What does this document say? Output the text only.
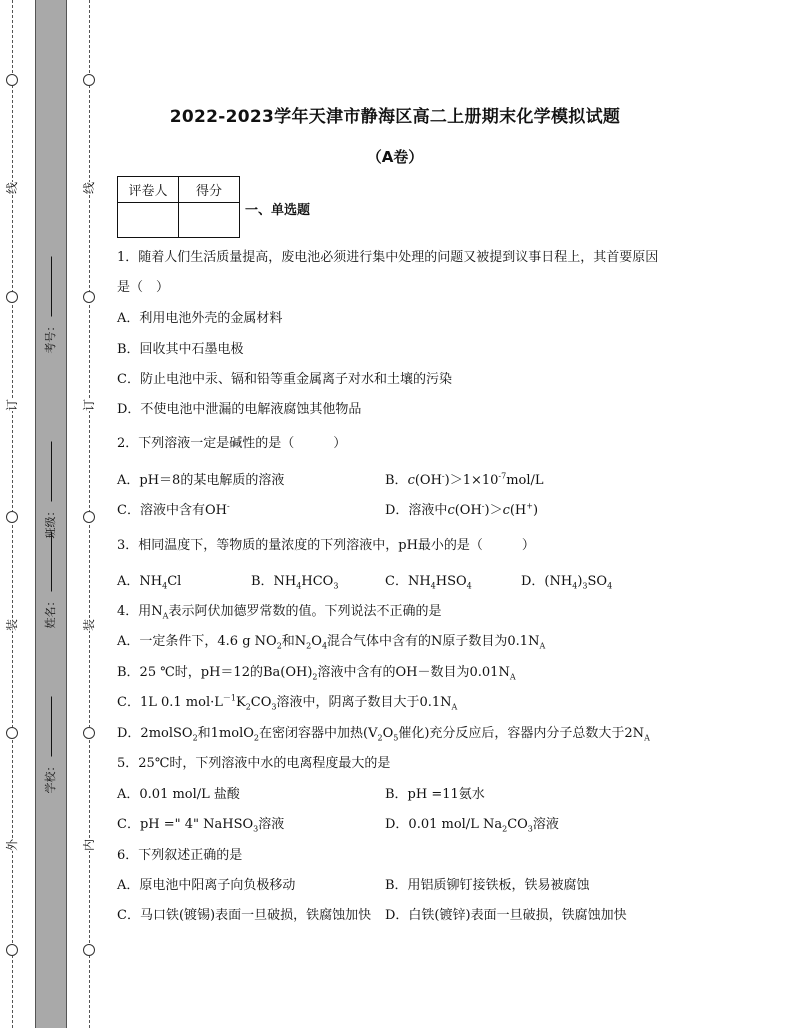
考号：
班级：
姓名：
学校：
线
订
装
外
线
订
装
内
2022-2023学年天津市静海区高二上册期末化学模拟试题
（A卷）
评卷人	得分

一、单选题
1．随着人们生活质量提高，废电池必须进行集中处理的问题又被提到议事日程上，其首要原因
是（　）
A．利用电池外壳的金属材料
B．回收其中石墨电极
C．防止电池中汞、镉和铅等重金属离子对水和土壤的污染
D．不使电池中泄漏的电解液腐蚀其他物品
2．下列溶液一定是碱性的是（　　　）
A．pH＝8的某电解质的溶液	B．$c(OH^-)>1\times 10^{-7}mol/L$
C．溶液中含有OH-	D．溶液中c(OH-)＞c(H+)
3．相同温度下，等物质的量浓度的下列溶液中，pH最小的是（　　　）
A．$NH_4Cl$	B．$NH_4HCO_3$	C．$NH_4HSO_4$	D．$(NH_4)_3SO_4$
4．用$N_A$表示阿伏加德罗常数的值。下列说法不正确的是
A．一定条件下，4.6 g $NO_2$和$N_2O_4$混合气体中含有的N原子数目为$0.1N_A$
B．25 ℃时，pH＝12的$Ba(OH)_2$溶液中含有的OH－数目为$0.01N_A$
C．1L 0.1 $mol\cdot L^{-1}K_2CO_3$溶液中，阴离子数目大于$0.1N_A$
D．2molSO$_2$和1molO$_2$在密闭容器中加热($V_2O_5$催化)充分反应后，容器内分子总数大于$2N_A$
5．25℃时，下列溶液中水的电离程度最大的是
A．0.01 mol/L 盐酸	B．pH =11氨水
C．pH =" 4" NaHSO$_3$溶液	D．0.01 mol/L $Na_2CO_3$溶液
6．下列叙述正确的是
A．原电池中阳离子向负极移动	B．用铝质铆钉接铁板，铁易被腐蚀
C．马口铁(镀锡)表面一旦破损，铁腐蚀加快 D．白铁(镀锌)表面一旦破损，铁腐蚀加快
